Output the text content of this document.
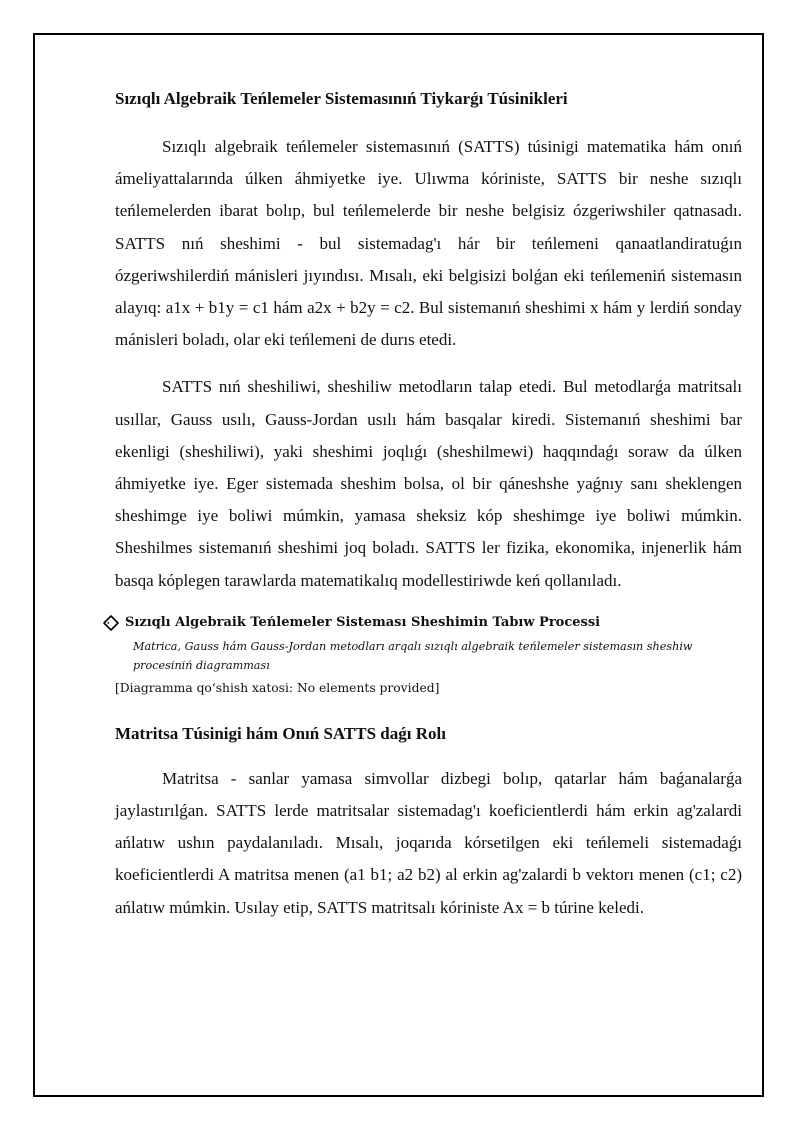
Sızıqlı Algebraik Teńlemeler Sistemasınıń Tiykarǵı Túsinikleri

Sızıqlı algebraik teńlemeler sistemasınıń (SATTS) túsinigi matematika hám onıń ámeliyattalarında úlken áhmiyetke iye. Ulıwma kóriniste, SATTS bir neshe sızıqlı teńlemelerden ibarat bolıp, bul teńlemelerde bir neshe belgisiz ózgeriwshiler qatnasadı. SATTS nıń sheshimi - bul sistemadag'ı hár bir teńlemeni qanaatlandiratuǵın ózgeriwshilerdiń mánisleri jıyındısı. Mısalı, eki belgisizi bolǵan eki teńlemeniń sistemasın alayıq: a1x + b1y = c1 hám a2x + b2y = c2. Bul sistemanıń sheshimi x hám y lerdiń sonday mánisleri boladı, olar eki teńlemeni de durıs etedi.

SATTS nıń sheshiliwi, sheshiliw metodların talap etedi. Bul metodlarǵa matritsalı usıllar, Gauss usılı, Gauss-Jordan usılı hám basqalar kiredi. Sistemanıń sheshimi bar ekenligi (sheshiliwi), yaki sheshimi joqlıǵı (sheshilmewi) haqqındaǵı soraw da úlken áhmiyetke iye. Eger sistemada sheshim bolsa, ol bir qáneshshe yaǵnıy sanı sheklengen sheshimge iye boliwi múmkin, yamasa sheksiz kóp sheshimge iye boliwi múmkin. Sheshilmes sistemanıń sheshimi joq boladı. SATTS ler fizika, ekonomika, injenerlik hám basqa kóplegen tarawlarda matematikalıq modellestiriwde keń qollanıladı.

Sızıqlı Algebraik Teńlemeler Sisteması Sheshimin Tabıw Processi
Matrica, Gauss hám Gauss-Jordan metodları arqalı sızıqlı algebraik teńlemeler sistemasın sheshiw procesiniń diagramması
[Diagramma qo‘shish xatosi: No elements provided]
Matritsa Túsinigi hám Onıń SATTS daǵı Rolı

Matritsa - sanlar yamasa simvollar dizbegi bolıp, qatarlar hám baǵanalarǵa jaylastırılǵan. SATTS lerde matritsalar sistemadag'ı koeficientlerdi hám erkin ag'zalardi ańlatıw ushın paydalanıladı. Mısalı, joqarıda kórsetilgen eki teńlemeli sistemadaǵı koeficientlerdi A matritsa menen (a1 b1; a2 b2) al erkin ag'zalardi b vektorı menen (c1; c2) ańlatıw múmkin. Usılay etip, SATTS matritsalı kóriniste Ax = b túrine keledi.
